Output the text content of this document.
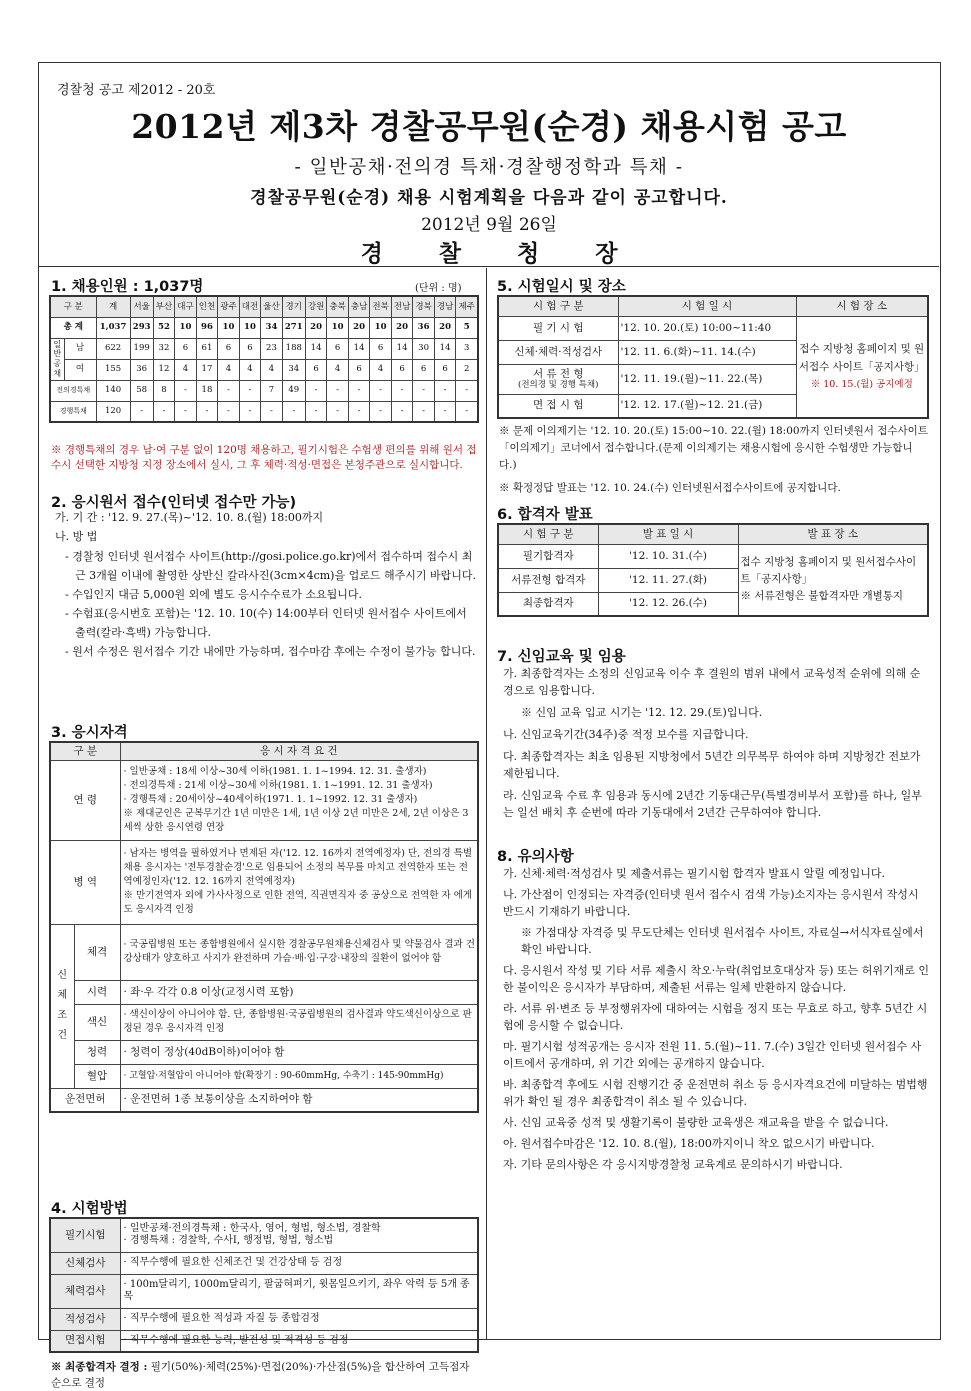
경찰청 공고 제2012 - 20호
2012년 제3차 경찰공무원(순경) 채용시험 공고
- 일반공채·전의경 특채·경찰행정학과 특채 -
경찰공무원(순경) 채용 시험계획을 다음과 같이 공고합니다.
2012년 9월 26일
경찰청장
1. 채용인원 : 1,037명	(단위 : 명)
구 분		계	서울	부산	대구	인천	광주	대전	울산	경기	강원	충북	충남	전북	전남	경북	경남	제주
총 계		1,037	293	52	10	96	10	10	34	271	20	10	20	10	20	36	20	5
일반공채	남	622	199	32	6	61	6	6	23	188	14	6	14	6	14	30	14	3
	여	155	36	12	4	17	4	4	4	34	6	4	6	4	6	6	6	2
전의경특채		140	58	8	-	18	-	-	7	49	-	-	-	-	-	-	-	-
경행특채		120	-	-	-	-	-	-	-	-	-	-	-	-	-	-	-	-
※ 경행특채의 경우 남·여 구분 없이 120명 채용하고, 필기시험은 수험생 편의를 위해 원서 접수시 선택한 지방청 지정 장소에서 실시, 그 후 체력·적성·면접은 본청주관으로 실시합니다.
2. 응시원서 접수(인터넷 접수만 가능)
가. 기 간 : '12. 9. 27.(목)~'12. 10. 8.(월) 18:00까지
나. 방 법
- 경찰청 인터넷 원서접수 사이트(http://gosi.police.go.kr)에서 접수하며 접수시 최근 3개월 이내에 촬영한 상반신 칼라사진(3cm×4cm)을 업로드 해주시기 바랍니다.
- 수입인지 대금 5,000원 외에 별도 응시수수료가 소요됩니다.
- 수험표(응시번호 포함)는 '12. 10. 10(수) 14:00부터 인터넷 원서접수 사이트에서 출력(칼라·흑백) 가능합니다.
- 원서 수정은 원서접수 기간 내에만 가능하며, 접수마감 후에는 수정이 불가능 합니다.
3. 응시자격
구 분		응 시 자 격 요 건
연 령		· 일반공채 : 18세 이상~30세 이하(1981. 1. 1~1994. 12. 31. 출생자)
· 전의경특채 : 21세 이상~30세 이하(1981. 1. 1~1991. 12. 31 출생자)
· 경행특채 : 20세이상~40세이하(1971. 1. 1~1992. 12. 31 출생자)
※ 제대군인은 군복무기간 1년 미만은 1세, 1년 이상 2년 미만은 2세, 2년 이상은 3세씩 상한 응시연령 연장

병 역		· 남자는 병역을 필하였거나 면제된 자('12. 12. 16까지 전역예정자) 단, 전의경 특별채용 응시자는 '전투경찰순경'으로 임용되어 소정의 복무를 마치고 전역한자 또는 전역예정인자('12. 12. 16까지 전역예정자)
※ 만기전역자 외에 가사사정으로 인한 전역, 직권면직자 중 공상으로 전역한 자 에게도 응시자격 인정

신체조건	체격	· 국공립병원 또는 종합병원에서 실시한 경찰공무원채용신체검사 및 약물검사 결과 건강상태가 양호하고 사지가 완전하며 가슴·배·입·구강·내장의 질환이 없어야 함
	시력	· 좌·우 각각 0.8 이상(교정시력 포함)
	색신	· 색신이상이 아니어야 함. 단, 종합병원·국공립병원의 검사결과 약도색신이상으로 판정된 경우 응시자격 인정
	청력	· 청력이 정상(40dB이하)이어야 함
	혈압	· 고혈압·저혈압이 아니어야 함(확장기 : 90-60mmHg, 수축기 : 145-90mmHg)
운전면허		· 운전면허 1종 보통이상을 소지하여야 함
4. 시험방법
필기시험	· 일반공채·전의경특채 : 한국사, 영어, 형법, 형소법, 경찰학
· 경행특채 : 경찰학, 수사Ⅰ, 행정법, 형법, 형소법
신체검사	· 직무수행에 필요한 신체조건 및 건강상태 등 검정
체력검사	· 100m달리기, 1000m달리기, 팔굽혀펴기, 윗몸일으키기, 좌우 악력 등 5개 종목
적성검사	· 직무수행에 필요한 적성과 자질 등 종합검정
면접시험	· 직무수행에 필요한 능력, 발전성 및 적격성 등 검정
※ 최종합격자 결정 : 필기(50%)·체력(25%)·면접(20%)·가산점(5%)을 합산하여 고득점자순으로 결정
5. 시험일시 및 장소
시 험 구 분	시 험 일 시	시 험 장 소

필 기 시 험	'12. 10. 20.(토) 10:00~11:40	접수 지방청 홈페이지 및 원서접수 사이트「공지사항」
※ 10. 15.(월) 공지예정

신체·체력·적성검사	'12. 11. 6.(화)~11. 14.(수)	

서 류 전 형
(전의경 및 경행 특채)	'12. 11. 19.(월)~11. 22.(목)	

면 접 시 험	'12. 12. 17.(월)~12. 21.(금)	
※ 문제 이의제기는 '12. 10. 20.(토) 15:00~10. 22.(월) 18:00까지 인터넷원서 접수사이트「이의제기」코너에서 접수합니다.(문제 이의제기는 채용시험에 응시한 수험생만 가능합니다.)
※ 확정정답 발표는 '12. 10. 24.(수) 인터넷원서접수사이트에 공지합니다.
6. 합격자 발표
시 험 구 분	발 표 일 시	발 표 장 소
필기합격자	'12. 10. 31.(수)	접수 지방청 홈페이지 및 원서접수사이트「공지사항」
※ 서류전형은 불합격자만 개별통지

서류전형 합격자	'12. 11. 27.(화)	
최종합격자	'12. 12. 26.(수)	
7. 신임교육 및 임용
가. 최종합격자는 소정의 신임교육 이수 후 결원의 범위 내에서 교육성적 순위에 의해 순경으로 임용합니다.
※ 신임 교육 입교 시기는 '12. 12. 29.(토)입니다.
나. 신임교육기간(34주)중 적정 보수를 지급합니다.
다. 최종합격자는 최초 임용된 지방청에서 5년간 의무복무 하여야 하며 지방청간 전보가 제한됩니다.
라. 신임교육 수료 후 임용과 동시에 2년간 기동대근무(특별경비부서 포함)를 하나, 일부는 일선 배치 후 순번에 따라 기동대에서 2년간 근무하여야 합니다.
8. 유의사항
가. 신체·체력·적성검사 및 제출서류는 필기시험 합격자 발표시 알릴 예정입니다.
나. 가산점이 인정되는 자격증(인터넷 원서 접수시 검색 가능)소지자는 응시원서 작성시 반드시 기재하기 바랍니다.
※ 가점대상 자격증 및 무도단체는 인터넷 원서접수 사이트, 자료실→서식자료실에서 확인 바랍니다.
다. 응시원서 작성 및 기타 서류 제출시 착오·누락(취업보호대상자 등) 또는 허위기재로 인한 불이익은 응시자가 부담하며, 제출된 서류는 일체 반환하지 않습니다.
라. 서류 위·변조 등 부정행위자에 대하여는 시험을 정지 또는 무효로 하고, 향후 5년간 시험에 응시할 수 없습니다.
마. 필기시험 성적공개는 응시자 전원 11. 5.(월)~11. 7.(수) 3일간 인터넷 원서접수 사이트에서 공개하며, 위 기간 외에는 공개하지 않습니다.
바. 최종합격 후에도 시험 진행기간 중 운전면허 취소 등 응시자격요건에 미달하는 범법행위가 확인 될 경우 최종합격이 취소 될 수 있습니다.
사. 신임 교육중 성적 및 생활기록이 불량한 교육생은 재교육을 받을 수 없습니다.
아. 원서접수마감은 '12. 10. 8.(월), 18:00까지이니 착오 없으시기 바랍니다.
자. 기타 문의사항은 각 응시지방경찰청 교육계로 문의하시기 바랍니다.
